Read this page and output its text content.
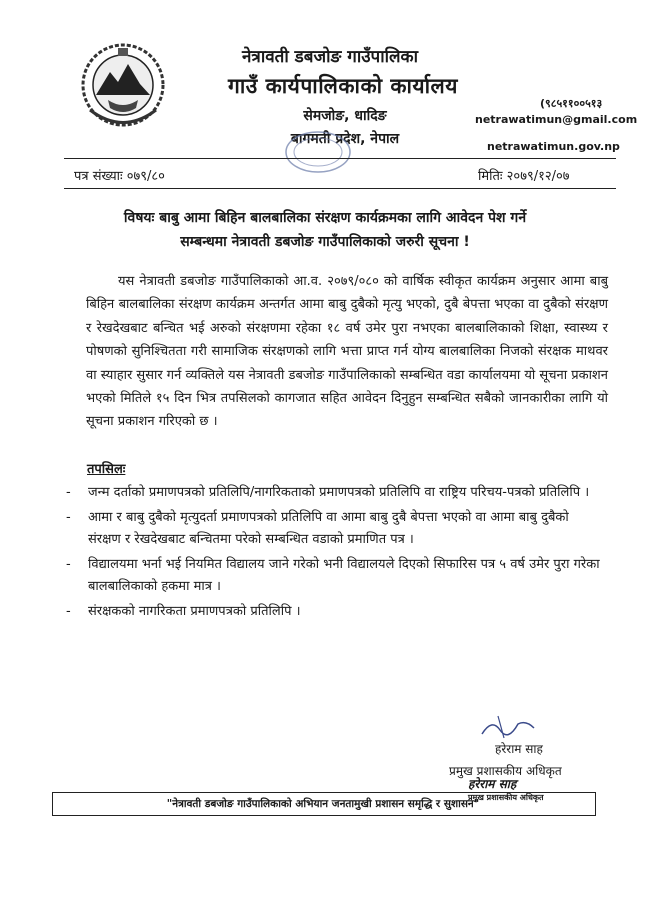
नेत्रावती डबजोङ गाउँपालिका
गाउँ कार्यपालिकाको कार्यालय
सेमजोङ, धादिङ
बागमती प्रदेश, नेपाल
(९८५११००५१३
netrawatimun@gmail.com
netrawatimun.gov.np
पत्र संख्याः ०७९/८०	मितिः २०७९/१२/०७
विषयः बाबु आमा बिहिन बालबालिका संरक्षण कार्यक्रमका लागि आवेदन पेश गर्ने
सम्बन्धमा नेत्रावती डबजोङ गाउँपालिकाको जरुरी सूचना !

यस नेत्रावती डबजोङ गाउँपालिकाको आ.व. २०७९/०८० को वार्षिक स्वीकृत कार्यक्रम अनुसार आमा बाबु बिहिन बालबालिका संरक्षण कार्यक्रम अन्तर्गत आमा बाबु दुबैको मृत्यु भएको, दुबै बेपत्ता भएका वा दुबैको संरक्षण र रेखदेखबाट बन्चित भई अरुको संरक्षणमा रहेका १८ वर्ष उमेर पुरा नभएका बालबालिकाको शिक्षा, स्वास्थ्य र पोषणको सुनिश्चितता गरी सामाजिक संरक्षणको लागि भत्ता प्राप्त गर्न योग्य बालबालिका निजको संरक्षक माथवर वा स्याहार सुसार गर्न व्यक्तिले यस नेत्रावती डबजोङ गाउँपालिकाको सम्बन्धित वडा कार्यालयमा यो सूचना प्रकाशन भएको मितिले १५ दिन भित्र तपसिलको कागजात सहित आवेदन दिनुहुन सम्बन्धित सबैको जानकारीका लागि यो सूचना प्रकाशन गरिएको छ ।

तपसिलः
- जन्म दर्ताको प्रमाणपत्रको प्रतिलिपि/नागरिकताको प्रमाणपत्रको प्रतिलिपि वा राष्ट्रिय परिचय-पत्रको प्रतिलिपि ।
- आमा र बाबु दुबैको मृत्युदर्ता प्रमाणपत्रको प्रतिलिपि वा आमा बाबु दुबै बेपत्ता भएको वा आमा बाबु दुबैको संरक्षण र रेखदेखबाट बन्चितमा परेको सम्बन्धित वडाको प्रमाणित पत्र ।
- विद्यालयमा भर्ना भई नियमित विद्यालय जाने गरेको भनी विद्यालयले दिएको सिफारिस पत्र ५ वर्ष उमेर पुरा गरेका बालबालिकाको हकमा मात्र ।
- संरक्षकको नागरिकता प्रमाणपत्रको प्रतिलिपि ।
हरेराम साह
प्रमुख प्रशासकीय अधिकृत
हरेराम साह
प्रमुख प्रशासकीय अधिकृत
"नेत्रावती डबजोङ गाउँपालिकाको अभियान जनतामुखी प्रशासन समृद्धि र सुशासन"
